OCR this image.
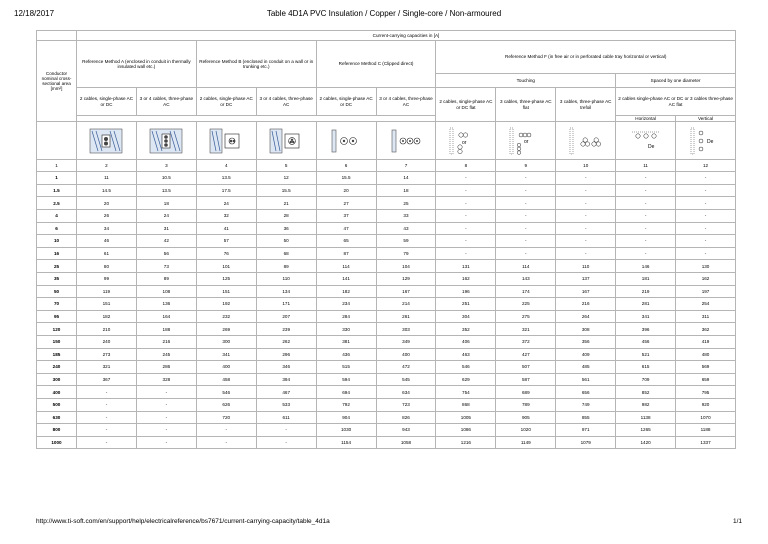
12/18/2017	Table 4D1A PVC Insulation / Copper / Single-core / Non-armoured
	Current-carrying capacities in [A]										
Conductor nominal cross-sectional area [mm²]	Reference Method A (enclosed in conduit in thermally insulated wall etc.)		Reference Method B (enclosed in conduit on a wall or in trunking etc.)		Reference Method C (Clipped direct)		Reference Method F (in free air or in perforated cable tray horizontal or vertical)				
							Touching			Spaced by one diameter	
	2 cables, single-phase AC or DC	3 or 4 cables, three-phase AC	2 cables, single-phase AC or DC	3 or 4 cables, three-phase AC	2 cables, single-phase AC or DC	3 or 4 cables, three-phase AC	2 cables, single-phase AC or DC flat	3 cables, three-phase AC flat	3 cables, three-phase AC trefoil	2 cables single-phase AC or DC or 3 cables three-phase AC flat	
										Horizontal	Vertical

or	or		De	De

1	2	3	4	5	6	7	8	9	10	11	12
1	11	10.5	13.5	12	15.5	14	-	-	-	-	-
1.5	14.5	13.5	17.5	15.5	20	18	-	-	-	-	-
2.5	20	18	24	21	27	25	-	-	-	-	-
4	26	24	32	28	37	33	-	-	-	-	-
6	34	31	41	36	47	43	-	-	-	-	-
10	46	42	57	50	65	59	-	-	-	-	-
16	61	56	76	68	87	79	-	-	-	-	-
25	80	73	101	89	114	104	131	114	110	146	130
35	99	89	125	110	141	129	162	143	137	181	162
50	119	108	151	134	182	167	196	174	167	219	197
70	151	136	192	171	234	214	251	225	216	281	254
95	182	164	232	207	284	261	304	275	264	341	311
120	210	188	269	239	330	303	352	321	308	396	362
150	240	216	300	262	381	349	406	372	356	456	419
185	273	245	341	296	436	400	463	427	409	521	480
240	321	286	400	346	515	472	546	507	485	615	569
300	367	328	458	394	594	545	629	587	561	709	659
400	-	-	546	467	694	634	754	689	656	852	795
500	-	-	626	533	792	723	868	789	749	982	920
630	-	-	720	611	904	826	1005	905	855	1138	1070
800	-	-	-	-	1030	943	1086	1020	971	1265	1188
1000	-	-	-	-	1154	1058	1216	1149	1079	1420	1337
http://www.ti-soft.com/en/support/help/electricalreference/bs7671/current-carrying-capacity/table_4d1a	1/1
